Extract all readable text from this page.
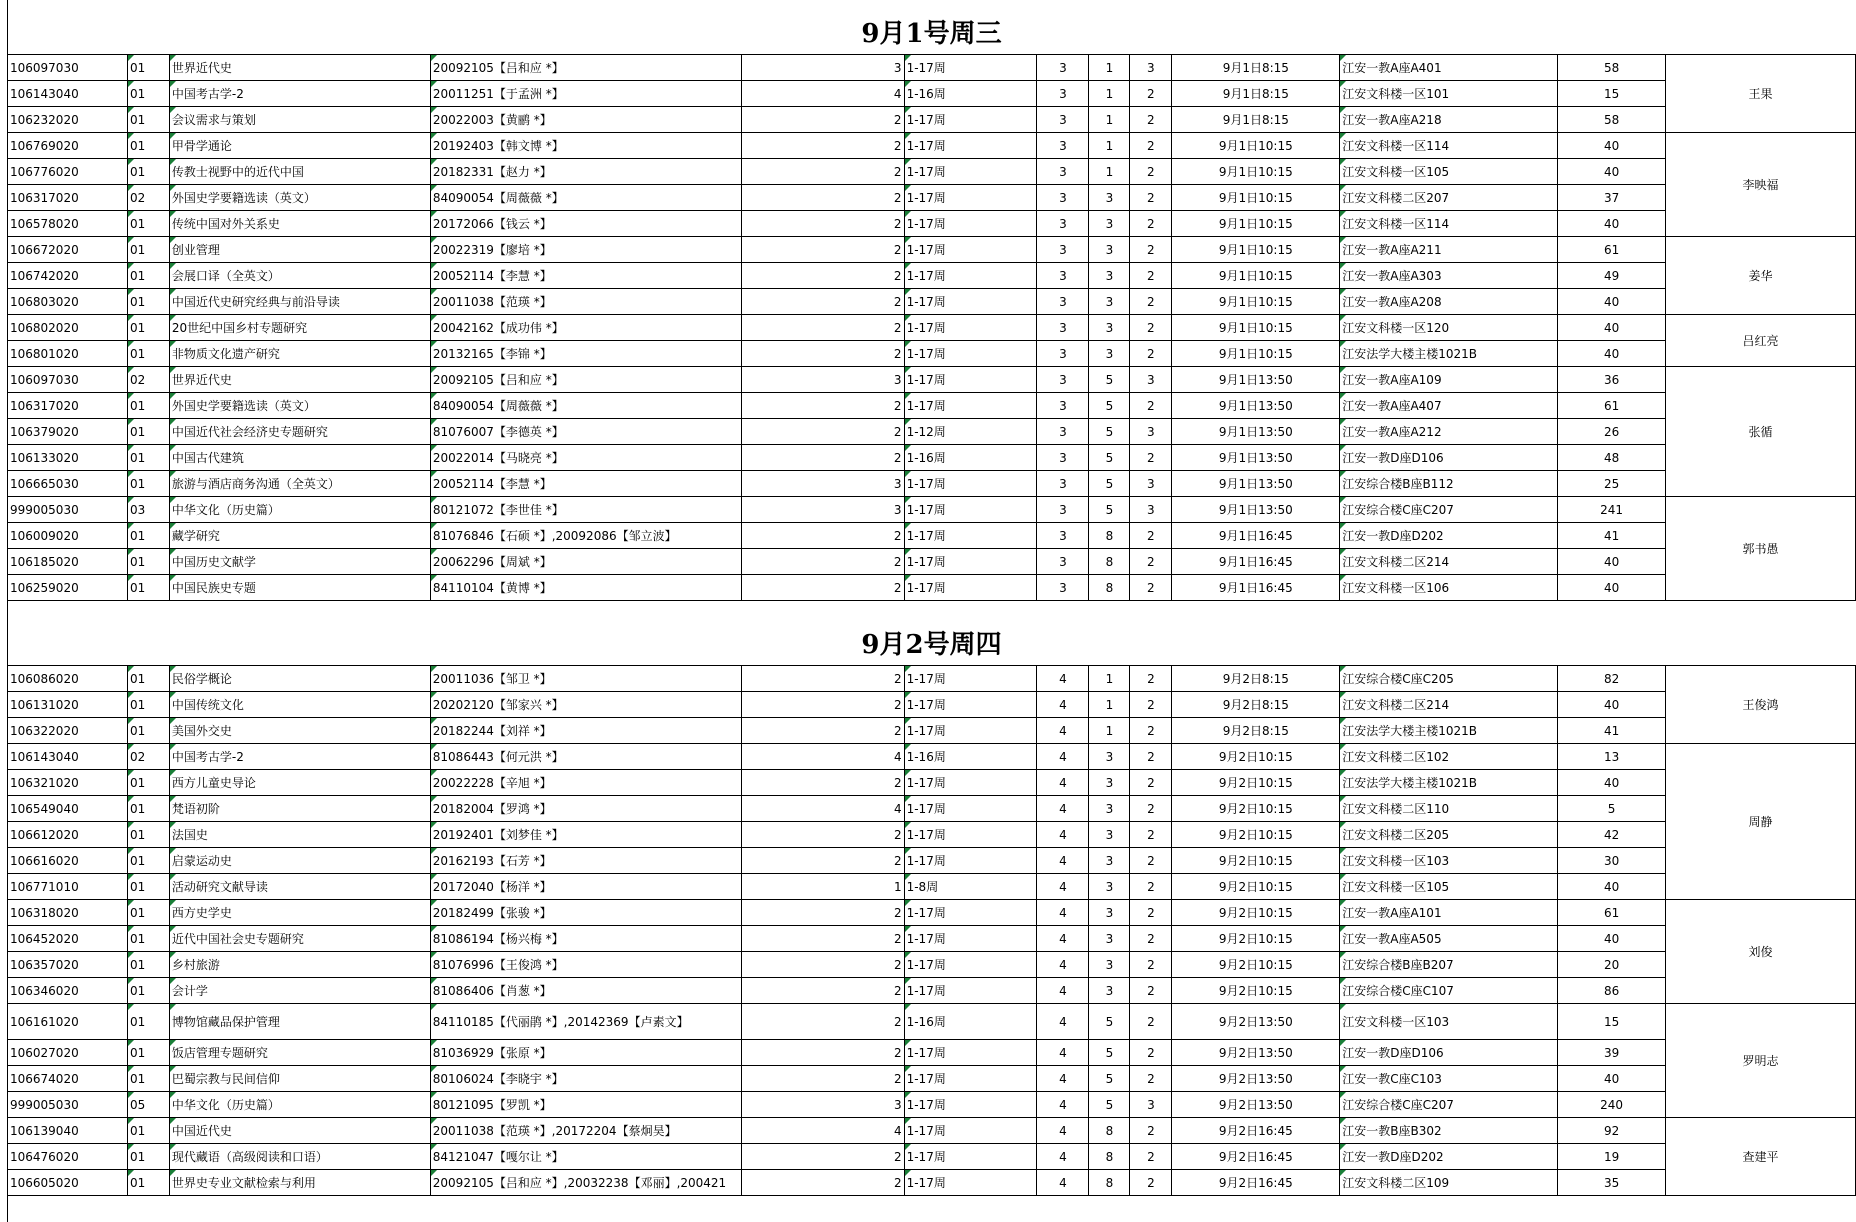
9月1号周三
106097030	01	世界近代史	20092105【吕和应 *】	3	1-17周	3	1	3	9月1日8:15	江安一教A座A401	58	王果
106143040	01	中国考古学-2	20011251【于孟洲 *】	4	1-16周	3	1	2	9月1日8:15	江安文科楼一区101	15	
106232020	01	会议需求与策划	20022003【黄鹂 *】	2	1-17周	3	1	2	9月1日8:15	江安一教A座A218	58	
106769020	01	甲骨学通论	20192403【韩文博 *】	2	1-17周	3	1	2	9月1日10:15	江安文科楼一区114	40	李映福
106776020	01	传教士视野中的近代中国	20182331【赵力 *】	2	1-17周	3	1	2	9月1日10:15	江安文科楼一区105	40	
106317020	02	外国史学要籍选读（英文）	84090054【周薇薇 *】	2	1-17周	3	3	2	9月1日10:15	江安文科楼二区207	37	
106578020	01	传统中国对外关系史	20172066【钱云 *】	2	1-17周	3	3	2	9月1日10:15	江安文科楼一区114	40	
106672020	01	创业管理	20022319【廖培 *】	2	1-17周	3	3	2	9月1日10:15	江安一教A座A211	61	姜华
106742020	01	会展口译（全英文）	20052114【李慧 *】	2	1-17周	3	3	2	9月1日10:15	江安一教A座A303	49	
106803020	01	中国近代史研究经典与前沿导读	20011038【范瑛 *】	2	1-17周	3	3	2	9月1日10:15	江安一教A座A208	40	
106802020	01	20世纪中国乡村专题研究	20042162【成功伟 *】	2	1-17周	3	3	2	9月1日10:15	江安文科楼一区120	40	吕红亮
106801020	01	非物质文化遗产研究	20132165【李锦 *】	2	1-17周	3	3	2	9月1日10:15	江安法学大楼主楼1021B	40	
106097030	02	世界近代史	20092105【吕和应 *】	3	1-17周	3	5	3	9月1日13:50	江安一教A座A109	36	张循
106317020	01	外国史学要籍选读（英文）	84090054【周薇薇 *】	2	1-17周	3	5	2	9月1日13:50	江安一教A座A407	61	
106379020	01	中国近代社会经济史专题研究	81076007【李德英 *】	2	1-12周	3	5	3	9月1日13:50	江安一教A座A212	26	
106133020	01	中国古代建筑	20022014【马晓亮 *】	2	1-16周	3	5	2	9月1日13:50	江安一教D座D106	48	
106665030	01	旅游与酒店商务沟通（全英文）	20052114【李慧 *】	3	1-17周	3	5	3	9月1日13:50	江安综合楼B座B112	25	
999005030	03	中华文化（历史篇）	80121072【李世佳 *】	3	1-17周	3	5	3	9月1日13:50	江安综合楼C座C207	241	郭书愚
106009020	01	藏学研究	81076846【石硕 *】,20092086【邹立波】	2	1-17周	3	8	2	9月1日16:45	江安一教D座D202	41	
106185020	01	中国历史文献学	20062296【周斌 *】	2	1-17周	3	8	2	9月1日16:45	江安文科楼二区214	40	
106259020	01	中国民族史专题	84110104【黄博 *】	2	1-17周	3	8	2	9月1日16:45	江安文科楼一区106	40	
9月2号周四
106086020	01	民俗学概论	20011036【邹卫 *】	2	1-17周	4	1	2	9月2日8:15	江安综合楼C座C205	82	王俊鸿
106131020	01	中国传统文化	20202120【邹家兴 *】	2	1-17周	4	1	2	9月2日8:15	江安文科楼二区214	40	
106322020	01	美国外交史	20182244【刘祥 *】	2	1-17周	4	1	2	9月2日8:15	江安法学大楼主楼1021B	41	
106143040	02	中国考古学-2	81086443【何元洪 *】	4	1-16周	4	3	2	9月2日10:15	江安文科楼二区102	13	周静
106321020	01	西方儿童史导论	20022228【辛旭 *】	2	1-17周	4	3	2	9月2日10:15	江安法学大楼主楼1021B	40	
106549040	01	梵语初阶	20182004【罗鸿 *】	4	1-17周	4	3	2	9月2日10:15	江安文科楼二区110	5	
106612020	01	法国史	20192401【刘梦佳 *】	2	1-17周	4	3	2	9月2日10:15	江安文科楼二区205	42	
106616020	01	启蒙运动史	20162193【石芳 *】	2	1-17周	4	3	2	9月2日10:15	江安文科楼一区103	30	
106771010	01	活动研究文献导读	20172040【杨洋 *】	1	1-8周	4	3	2	9月2日10:15	江安文科楼一区105	40	
106318020	01	西方史学史	20182499【张骏 *】	2	1-17周	4	3	2	9月2日10:15	江安一教A座A101	61	刘俊
106452020	01	近代中国社会史专题研究	81086194【杨兴梅 *】	2	1-17周	4	3	2	9月2日10:15	江安一教A座A505	40	
106357020	01	乡村旅游	81076996【王俊鸿 *】	2	1-17周	4	3	2	9月2日10:15	江安综合楼B座B207	20	
106346020	01	会计学	81086406【肖葱 *】	2	1-17周	4	3	2	9月2日10:15	江安综合楼C座C107	86	
106161020	01	博物馆藏品保护管理	84110185【代丽鹃 *】,20142369【卢素文】	2	1-16周	4	5	2	9月2日13:50	江安文科楼一区103	15	罗明志
106027020	01	饭店管理专题研究	81036929【张原 *】	2	1-17周	4	5	2	9月2日13:50	江安一教D座D106	39	
106674020	01	巴蜀宗教与民间信仰	80106024【李晓宇 *】	2	1-17周	4	5	2	9月2日13:50	江安一教C座C103	40	
999005030	05	中华文化（历史篇）	80121095【罗凯 *】	3	1-17周	4	5	3	9月2日13:50	江安综合楼C座C207	240	
106139040	01	中国近代史	20011038【范瑛 *】,20172204【蔡炯昊】	4	1-17周	4	8	2	9月2日16:45	江安一教B座B302	92	查建平
106476020	01	现代藏语（高级阅读和口语）	84121047【嘎尔让 *】	2	1-17周	4	8	2	9月2日16:45	江安一教D座D202	19	
106605020	01	世界史专业文献检索与利用	20092105【吕和应 *】,20032238【邓丽】,200421	2	1-17周	4	8	2	9月2日16:45	江安文科楼二区109	35	
